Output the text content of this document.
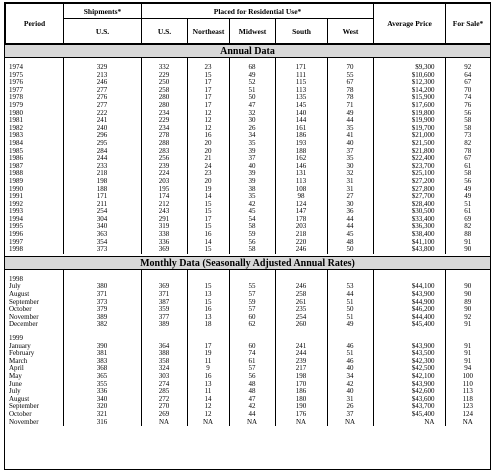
Period	Shipments*	Placed for Residential Use*					Average Price	For Sale*
	U.S.	U.S.	Northeast	Midwest	South	West		
Annual Data

1974	329	332	23	68	171	70	$9,300	92
1975	213	229	15	49	111	55	$10,600	64
1976	246	250	17	52	115	67	$12,300	67
1977	277	258	17	51	113	78	$14,200	70
1978	276	280	17	50	135	78	$15,900	74
1979	277	280	17	47	145	71	$17,600	76
1980	222	234	12	32	140	49	$19,800	56
1981	241	229	12	30	144	44	$19,900	58
1982	240	234	12	26	161	35	$19,700	58
1983	296	278	16	34	186	41	$21,000	73
1984	295	288	20	35	193	40	$21,500	82
1985	284	283	20	39	188	37	$21,800	78
1986	244	256	21	37	162	35	$22,400	67
1987	233	239	24	40	146	30	$23,700	61
1988	218	224	23	39	131	32	$25,100	58
1989	198	203	20	39	113	31	$27,200	56
1990	188	195	19	38	108	31	$27,800	49
1991	171	174	14	35	98	27	$27,700	49
1992	211	212	15	42	124	30	$28,400	51
1993	254	243	15	45	147	36	$30,500	61
1994	304	291	17	54	178	44	$33,400	69
1995	340	319	15	58	203	44	$36,300	82
1996	363	338	16	59	218	45	$38,400	88
1997	354	336	14	56	220	48	$41,100	91
1998	373	369	15	58	246	50	$43,800	90
Monthly Data (Seasonally Adjusted Annual Rates)

1998								
July	380	369	15	55	246	53	$44,100	90
August	371	371	13	57	258	44	$43,900	90
September	373	387	15	59	261	51	$44,900	89
October	379	359	16	57	235	50	$46,200	90
November	389	377	13	60	254	51	$44,400	92
December	382	389	18	62	260	49	$45,400	91

1999								
January	390	364	17	60	241	46	$43,900	91
February	381	388	19	74	244	51	$43,500	91
March	383	358	11	61	239	46	$42,300	91
April	368	324	9	57	217	40	$42,500	94
May	365	303	16	56	198	34	$42,100	100
June	355	274	13	48	170	42	$43,900	110
July	336	285	11	48	186	40	$42,600	113
August	340	272	14	47	180	31	$43,600	118
September	320	270	12	42	190	26	$43,700	123
October	321	269	12	44	176	37	$45,400	124
November	316	NA	NA	NA	NA	NA	NA	NA
